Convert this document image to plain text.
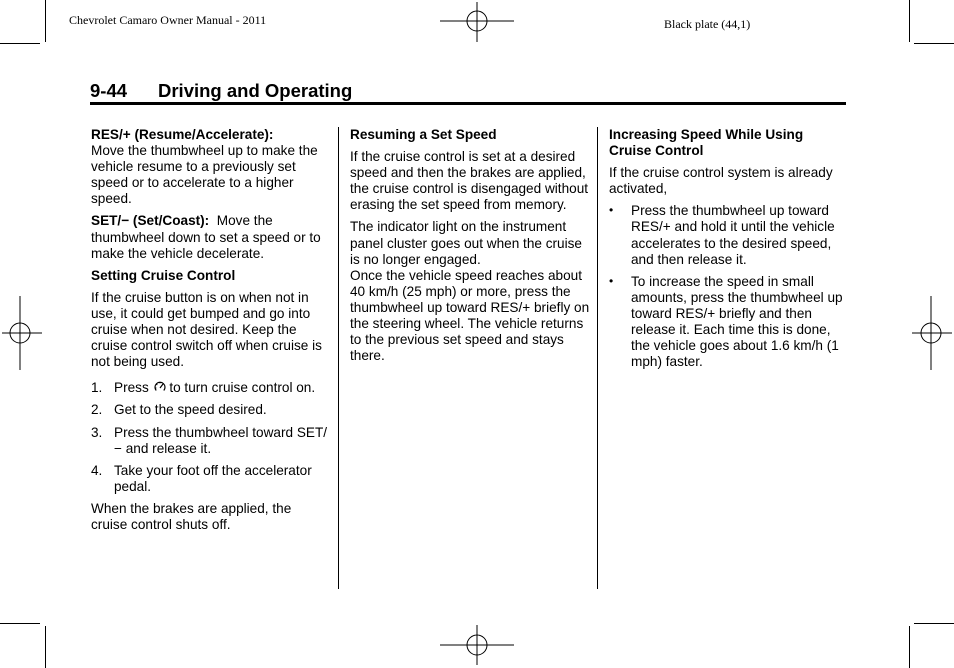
Chevrolet Camaro Owner Manual - 2011	Black plate (44,1)
9-44 Driving and Operating

RES/+ (Resume/Accelerate):
Move the thumbwheel up to make the vehicle resume to a previously set speed or to accelerate to a higher speed.

SET/− (Set/Coast): Move the thumbwheel down to set a speed or to make the vehicle decelerate.

Setting Cruise Control

If the cruise button is on when not in use, it could get bumped and go into cruise when not desired. Keep the cruise control switch off when cruise is not being used.

1. Press to turn cruise control on.
2. Get to the speed desired.
3. Press the thumbwheel toward SET/− and release it.
4. Take your foot off the accelerator pedal.

When the brakes are applied, the cruise control shuts off.

Resuming a Set Speed

If the cruise control is set at a desired speed and then the brakes are applied, the cruise control is disengaged without erasing the set speed from memory.

The indicator light on the instrument panel cluster goes out when the cruise is no longer engaged.

Once the vehicle speed reaches about 40 km/h (25 mph) or more, press the thumbwheel up toward RES/+ briefly on the steering wheel. The vehicle returns to the previous set speed and stays there.

Increasing Speed While Using Cruise Control

If the cruise control system is already activated,

• Press the thumbwheel up toward RES/+ and hold it until the vehicle accelerates to the desired speed, and then release it.
• To increase the speed in small amounts, press the thumbwheel up toward RES/+ briefly and then release it. Each time this is done, the vehicle goes about 1.6 km/h (1 mph) faster.
